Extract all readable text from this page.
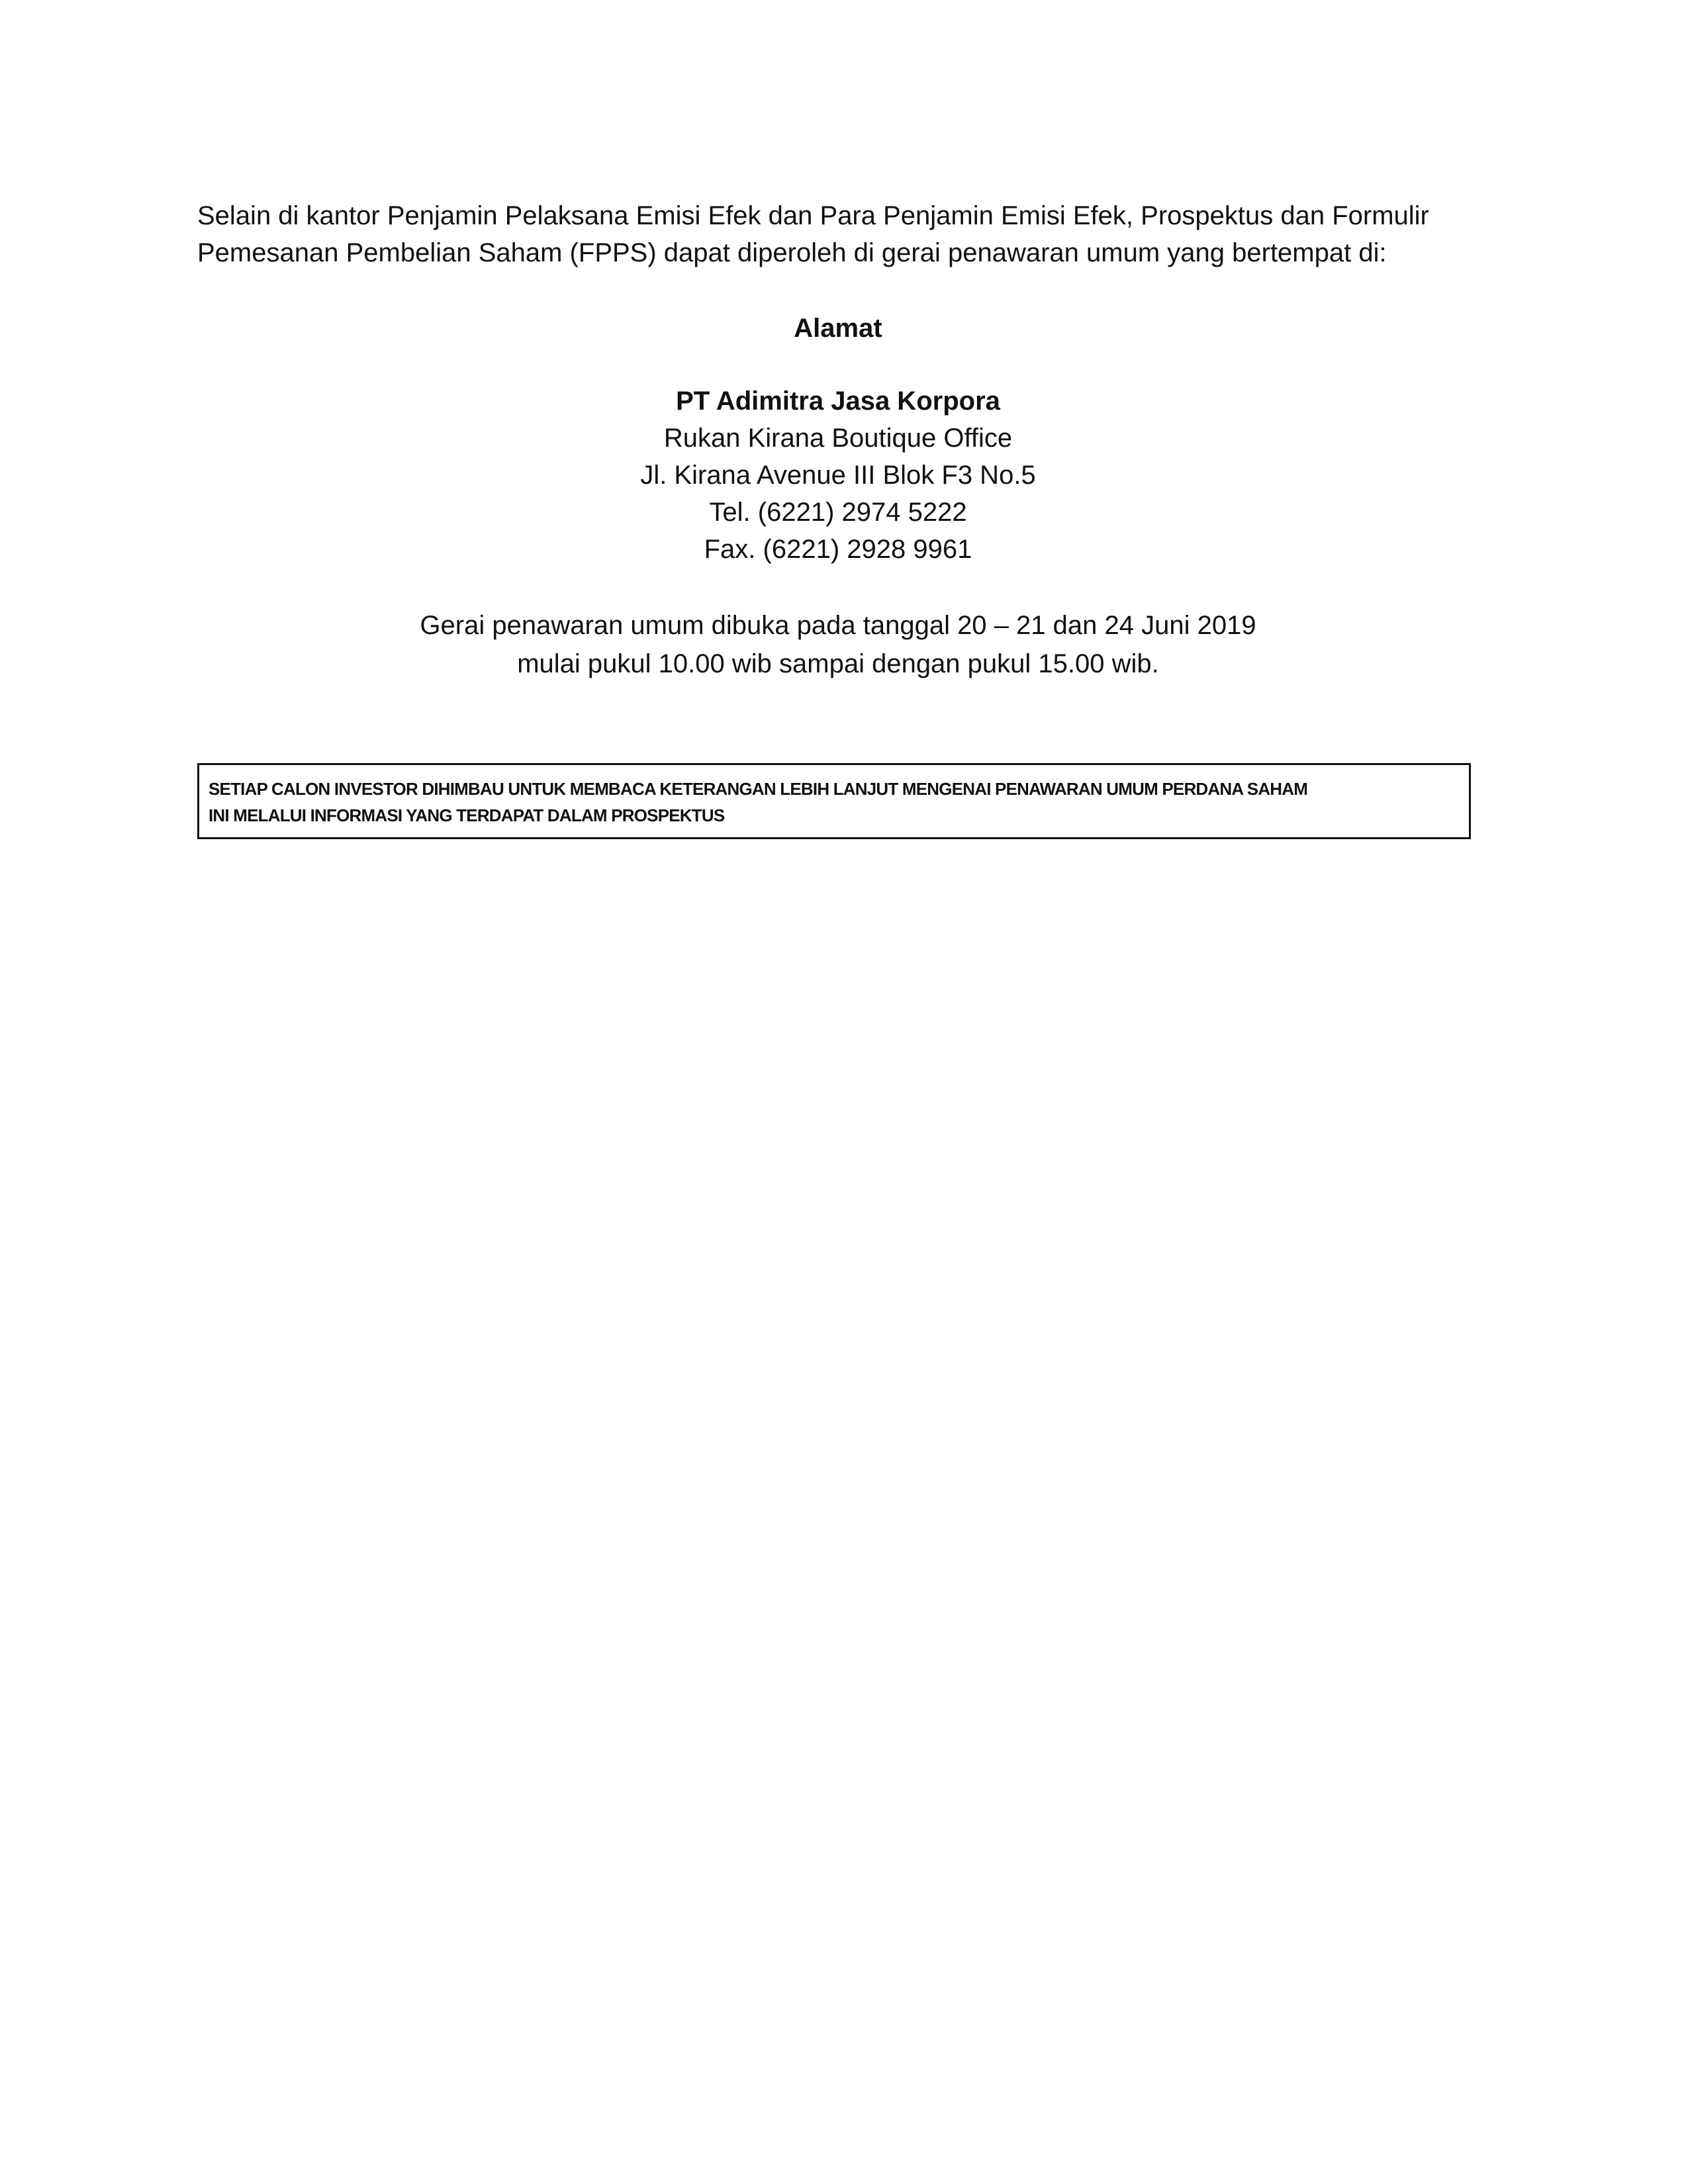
Selain di kantor Penjamin Pelaksana Emisi Efek dan Para Penjamin Emisi Efek, Prospektus dan Formulir
Pemesanan Pembelian Saham (FPPS) dapat diperoleh di gerai penawaran umum yang bertempat di:

Alamat

PT Adimitra Jasa Korpora

Rukan Kirana Boutique Office
Jl. Kirana Avenue III Blok F3 No.5
Tel. (6221) 2974 5222
Fax. (6221) 2928 9961

Gerai penawaran umum dibuka pada tanggal 20 – 21 dan 24 Juni 2019
mulai pukul 10.00 wib sampai dengan pukul 15.00 wib.

SETIAP CALON INVESTOR DIHIMBAU UNTUK MEMBACA KETERANGAN LEBIH LANJUT MENGENAI PENAWARAN UMUM PERDANA SAHAM
INI MELALUI INFORMASI YANG TERDAPAT DALAM PROSPEKTUS
